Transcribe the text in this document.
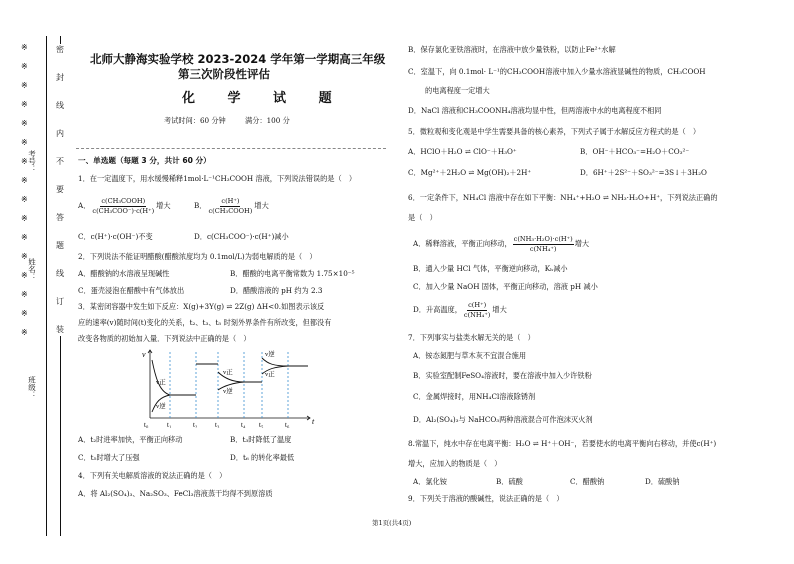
※
※
※
※
※
※
※
※
※
※
※
※
※
※
※
※
密
封
线
内
不
要
答
题
线
订
装
考号：
姓名：
班级：
北师大静海实验学校 2023-2024 学年第一学期高三年级
第三次阶段性评估
化 学 试 题
考试时间：60 分钟	满分：100 分
一、单选题（每题 3 分，共计 60 分）
1．在一定温度下，用水缓慢稀释1mol·L⁻¹CH₃COOH 溶液，下列说法错误的是（　）
A． $\frac{\text{c(CH₃COOH)}}{\text{c(CH₃COO⁻)·c(H⁺)}}$ 增大	B． $\frac{c(H^+)}{\text{c(CH₃COOH)}}$ 增大
C．c(H⁺)·c(OH⁻)不变	D．c(CH₃COO⁻)·c(H⁺)减小
2．下列说法不能证明醋酸(醋酸浓度均为 0.1mol/L)为弱电解质的是（　）
A．醋酸钠的水溶液呈现碱性	B．醋酸的电离平衡常数为 1.75×10⁻⁵
C．蛋壳浸泡在醋酸中有气体放出	D．醋酸溶液的 pH 约为 2.3
3．某密闭容器中发生如下反应：X(g)+3Y(g) ⇌ 2Z(g) ΔH<0.如图表示该反
应的速率(v)随时间(t)变化的关系，t₂、t₃、t₅ 时刻外界条件有所改变，但都没有
改变各物质的初始加入量．下列说法中正确的是（　）
v
t
t₀	t₁	t₂	t₃	t₄ t₅	t₆
v正
v逆
v正
v逆
v逆
v正
A．t₂时进率加快，平衡正向移动	B．t₃时降低了温度
C．t₅时增大了压强	D．t₆ 的转化率最低
4．下列有关电解质溶液的说法正确的是（　）
A．将 Al₂(SO₄)₃、Na₂SO₃、FeCl₃溶液蒸干均得不到原溶质
B．保存氯化亚铁溶液时，在溶液中放少量铁粉，以防止Fe²⁺水解
C．室温下，向 0.1mol· L⁻¹的CH₃COOH溶液中加入少量水溶液显碱性的物质，CH₃COOH
的电离程度一定增大
D．NaCl 溶液和CH₃COONH₄溶液均显中性，但两溶液中水的电离程度不相同
5．微粒观和变化观是中学生需要具备的核心素养，下列式子属于水解反应方程式的是（　）
A．HClO＋H₂O ⇌ ClO⁻＋H₃O⁺	B．OH⁻＋HCO₃⁻=H₂O＋CO₃²⁻
C．Mg²⁺＋2H₂O ⇌ Mg(OH)₂＋2H⁺	D．6H⁺＋2S²⁻＋SO₃²⁻=3S↓＋3H₂O
6．一定条件下，NH₄Cl 溶液中存在如下平衡：NH₄⁺+H₂O ⇌ NH₃·H₂O+H⁺，下列说法正确的
是（　）
A．稀释溶液，平衡正向移动， $\frac{\text{c(NH₃·H₂O)·c(H⁺)}}{\text{c(NH₄⁺)}}$ 增大
B．通入少量 HCl 气体，平衡逆向移动，Kₕ减小
C．加入少量 NaOH 固体，平衡正向移动，溶液 pH 减小
D．升高温度， $\frac{c(H^+)}{\text{c(NH₄⁺)}}$ 增大
7．下列事实与盐类水解无关的是（　）
A．铵态氮肥与草木灰不宜混合施用
B．实验室配制FeSO₄溶液时，要在溶液中加入少许铁粉
C．金属焊接时，用NH₄Cl溶液除锈剂
D．Al₂(SO₄)₃与 NaHCO₃两种溶液混合可作泡沫灭火剂
8.常温下，纯水中存在电离平衡：H₂O ⇌ H⁺＋OH⁻，若要使水的电离平衡向右移动，并使c(H⁺)
增大，应加入的物质是（　）
A．氯化铵	B．硫酸	C．醋酸钠	D．硫酸钠
9．下列关于溶液的酸碱性，说法正确的是（　）
第1页(共4页)
